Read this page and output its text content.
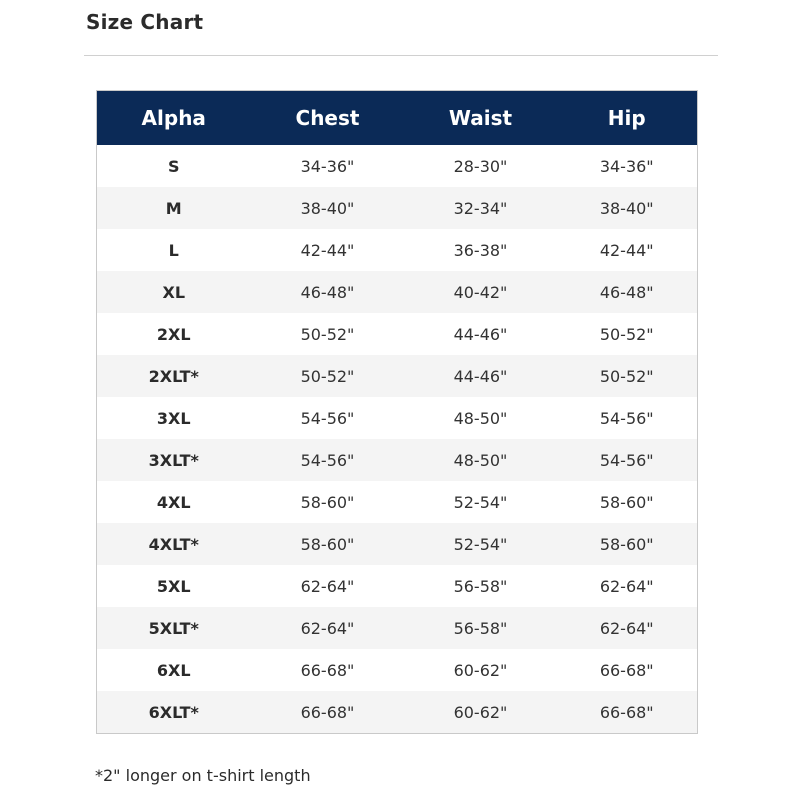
Size Chart
Alpha	Chest	Waist	Hip
S	34-36"	28-30"	34-36"
M	38-40"	32-34"	38-40"
L	42-44"	36-38"	42-44"
XL	46-48"	40-42"	46-48"
2XL	50-52"	44-46"	50-52"
2XLT*	50-52"	44-46"	50-52"
3XL	54-56"	48-50"	54-56"
3XLT*	54-56"	48-50"	54-56"
4XL	58-60"	52-54"	58-60"
4XLT*	58-60"	52-54"	58-60"
5XL	62-64"	56-58"	62-64"
5XLT*	62-64"	56-58"	62-64"
6XL	66-68"	60-62"	66-68"
6XLT*	66-68"	60-62"	66-68"
*2" longer on t-shirt length
